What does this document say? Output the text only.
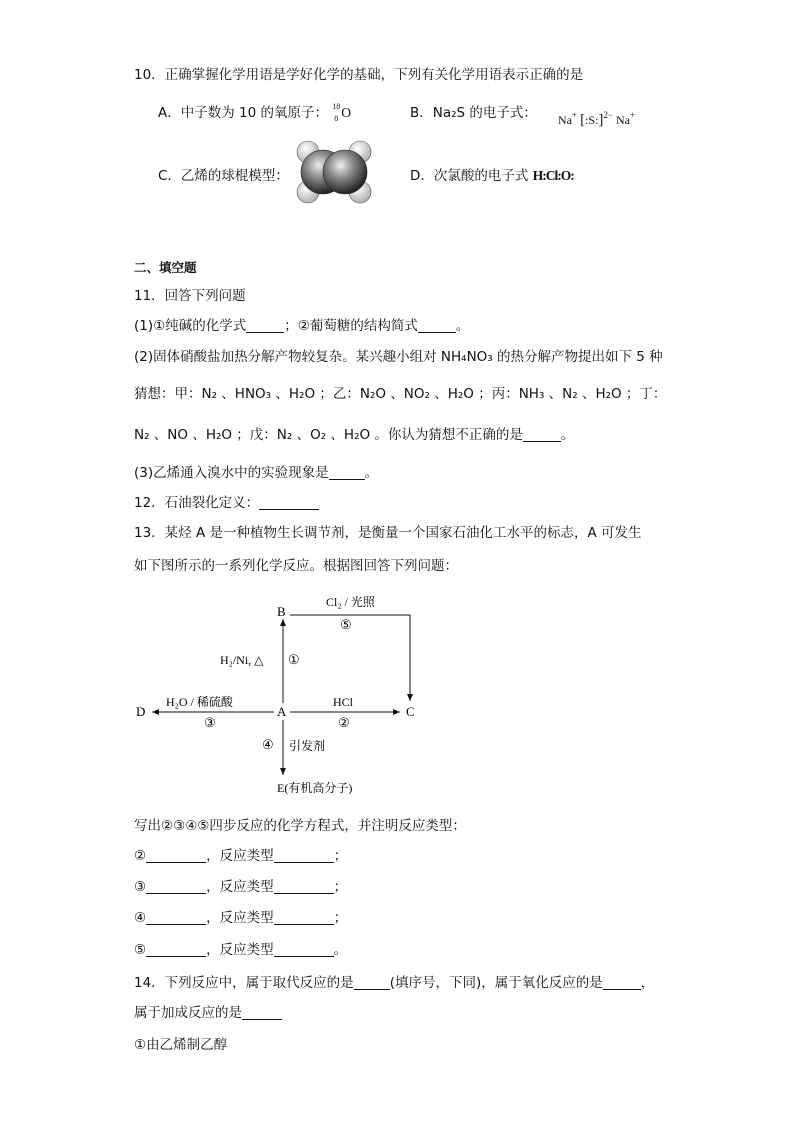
10．正确掌握化学用语是学好化学的基础，下列有关化学用语表示正确的是
A．中子数为 10 的氧原子： 18
8 O	B．Na₂S 的电子式： Na+ [:S:]$^{2-}$ Na+
C．乙烯的球棍模型：	D．次氯酸的电子式 H:Cl:O:
二、填空题
11．回答下列问题
(1)①纯碱的化学式	；②葡萄糖的结构简式	。
(2)固体硝酸盐加热分解产物较复杂。某兴趣小组对 NH₄NO₃ 的热分解产物提出如下 5 种
猜想：甲：N₂ 、HNO₃ 、H₂O ；乙：N₂O 、NO₂ 、H₂O ；丙：NH₃ 、N₂ 、H₂O ；丁：
N₂ 、NO 、H₂O ；戊：N₂ 、O₂ 、H₂O 。你认为猜想不正确的是	。
(3)乙烯通入溴水中的实验现象是	。
12．石油裂化定义：
13．某烃 A 是一种植物生长调节剂，是衡量一个国家石油化工水平的标志，A 可发生
如下图所示的一系列化学反应。根据图回答下列问题：
B
A	C
D
E(有机高分子)
Cl₂ / 光照
⑤
H₂/Ni, △ ①
HCl
②
H₂O / 稀硫酸
③
④ 引发剂
写出②③④⑤四步反应的化学方程式，并注明反应类型：
②	，反应类型	；
③	，反应类型	；
④	，反应类型	；
⑤	，反应类型	。
14．下列反应中，属于取代反应的是	(填序号，下同)，属于氧化反应的是	，
属于加成反应的是
①由乙烯制乙醇
